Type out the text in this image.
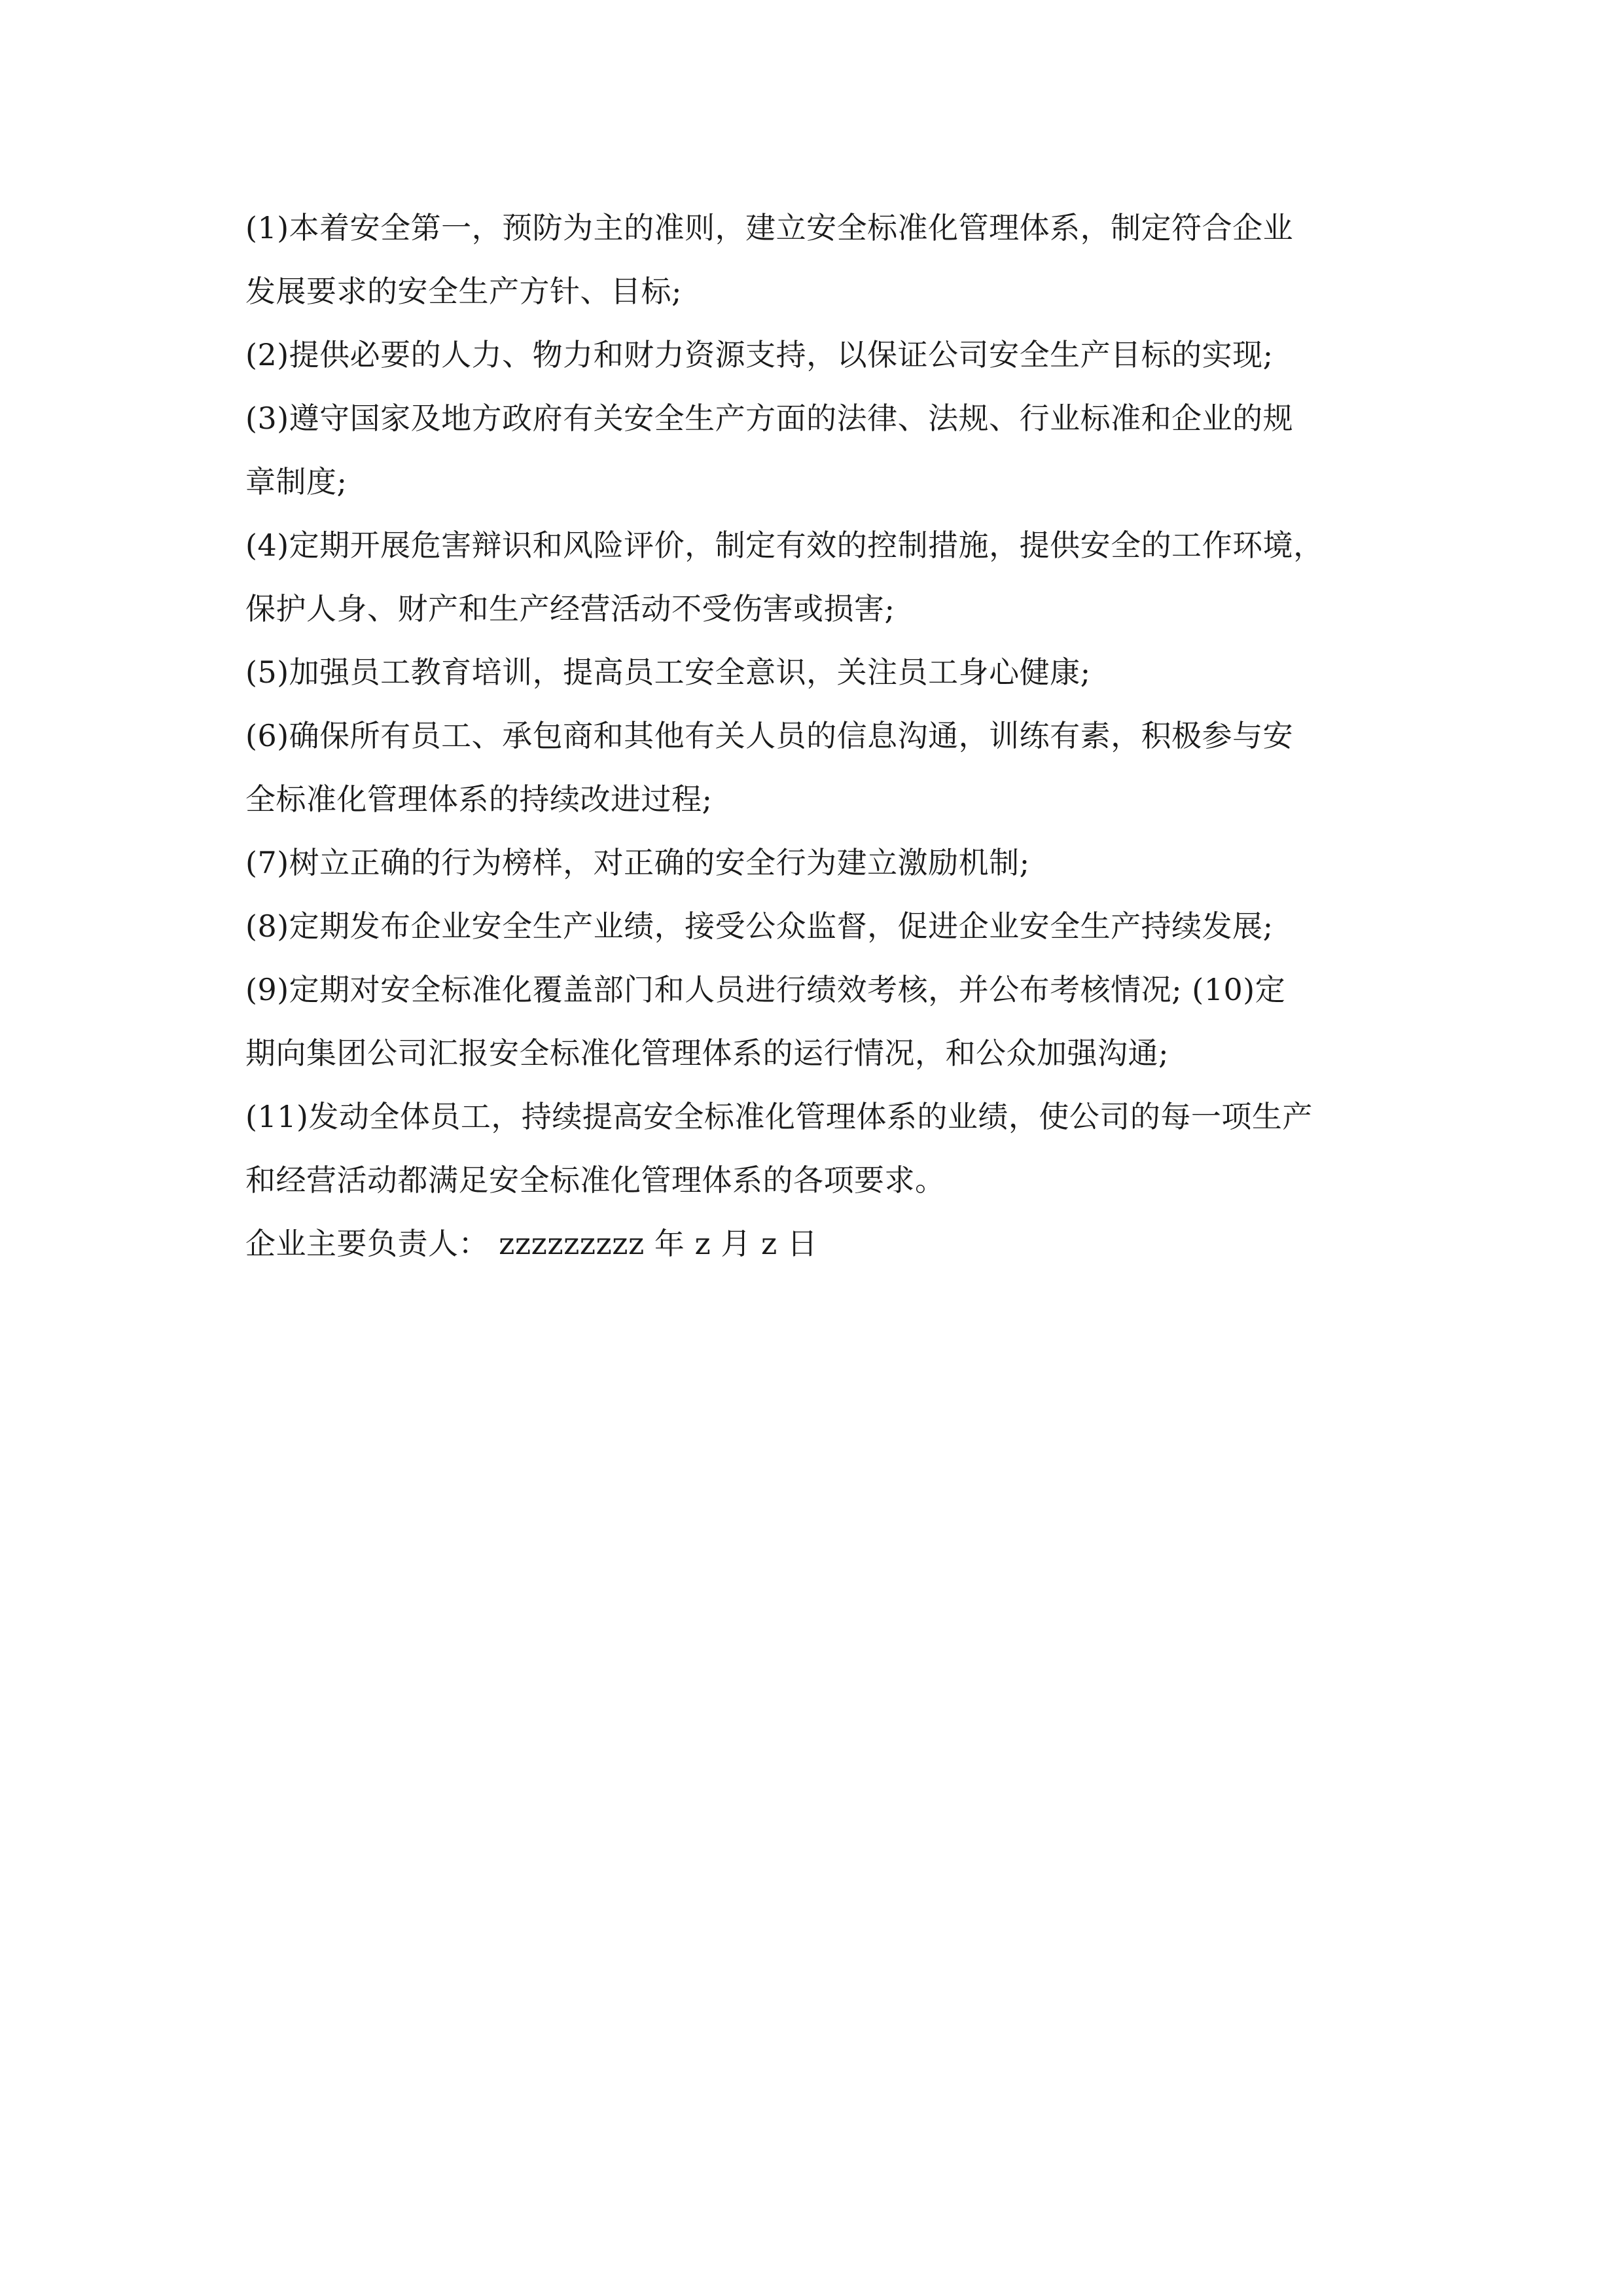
(1)本着安全第一，预防为主的准则，建立安全标准化管理体系，制定符合企业

发展要求的安全生产方针、目标;

(2)提供必要的人力、物力和财力资源支持，以保证公司安全生产目标的实现;

(3)遵守国家及地方政府有关安全生产方面的法律、法规、行业标准和企业的规

章制度;

(4)定期开展危害辩识和风险评价，制定有效的控制措施，提供安全的工作环境，

保护人身、财产和生产经营活动不受伤害或损害;

(5)加强员工教育培训，提高员工安全意识，关注员工身心健康;

(6)确保所有员工、承包商和其他有关人员的信息沟通，训练有素，积极参与安

全标准化管理体系的持续改进过程;

(7)树立正确的行为榜样，对正确的安全行为建立激励机制;

(8)定期发布企业安全生产业绩，接受公众监督，促进企业安全生产持续发展;

(9)定期对安全标准化覆盖部门和人员进行绩效考核，并公布考核情况; (10)定

期向集团公司汇报安全标准化管理体系的运行情况，和公众加强沟通;

(11)发动全体员工，持续提高安全标准化管理体系的业绩，使公司的每一项生产

和经营活动都满足安全标准化管理体系的各项要求。

企业主要负责人： zzzzzzzzz 年 z 月 z 日
